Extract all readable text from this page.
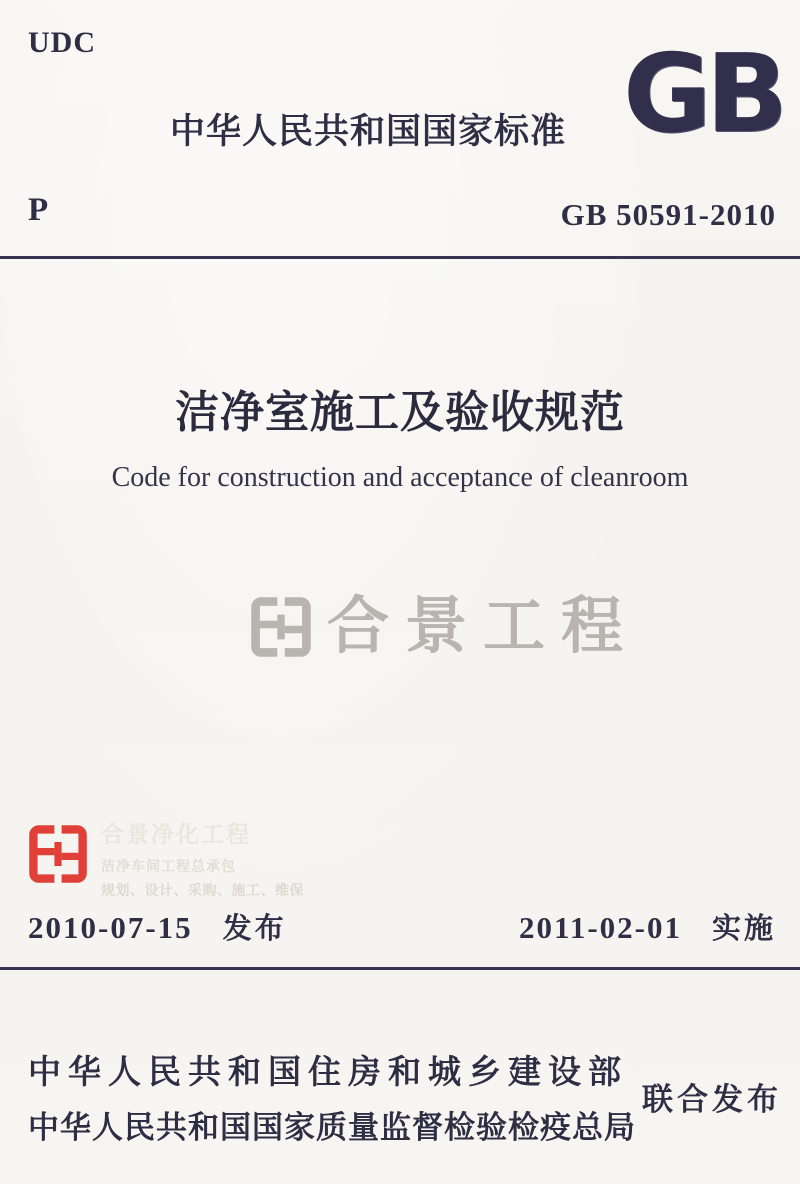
UDC	GB
中华人民共和国国家标准
P	GB 50591-2010
洁净室施工及验收规范
Code for construction and acceptance of cleanroom
合景工程
合景净化工程
洁净车间工程总承包
规划、设计、采购、施工、维保
2010-07-15 发布	2011-02-01 实施
中华人民共和国住房和城乡建设部
中华人民共和国国家质量监督检验检疫总局
联合发布
